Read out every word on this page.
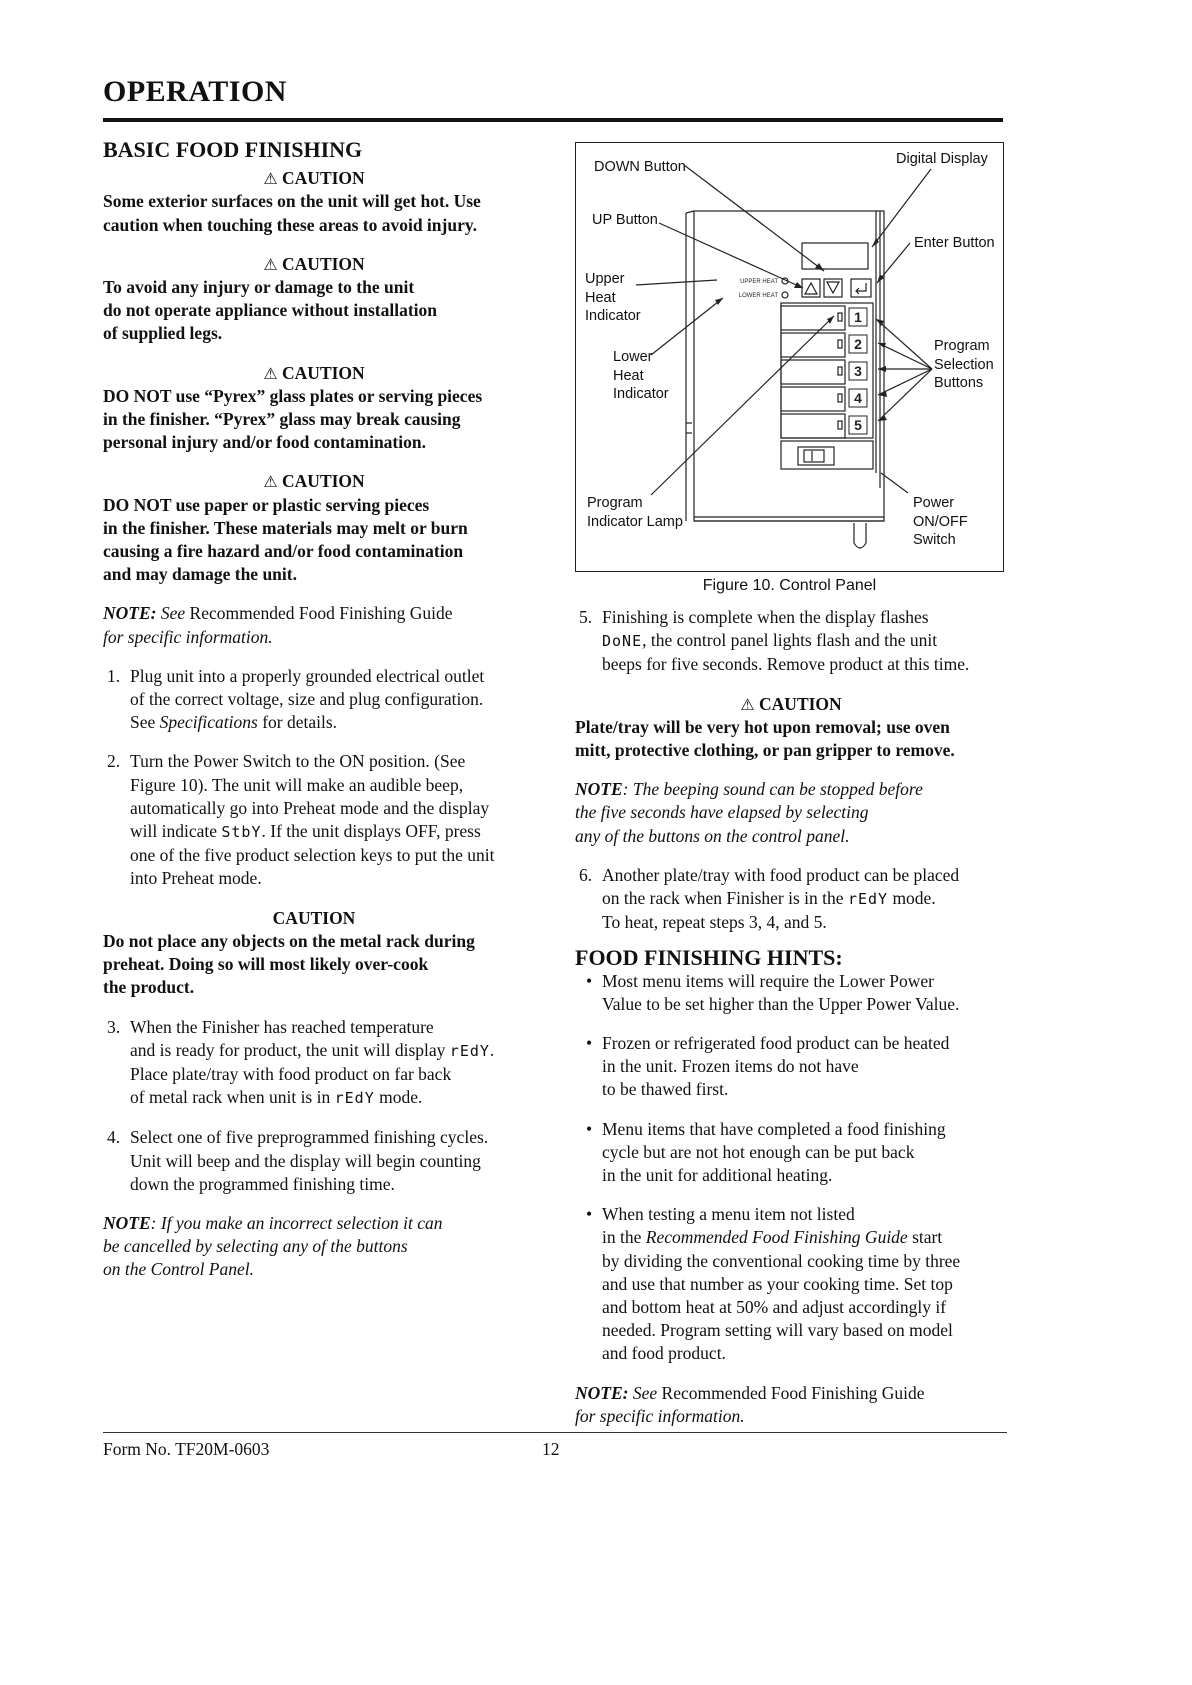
OPERATION
BASIC FOOD FINISHING
⚠ CAUTION
Some exterior surfaces on the unit will get hot. Use
caution when touching these areas to avoid injury.
⚠ CAUTION
To avoid any injury or damage to the unit
do not operate appliance without installation
of supplied legs.
⚠ CAUTION
DO NOT use “Pyrex” glass plates or serving pieces
in the finisher. “Pyrex” glass may break causing
personal injury and/or food contamination.
⚠ CAUTION
DO NOT use paper or plastic serving pieces
in the finisher. These materials may melt or burn
causing a fire hazard and/or food contamination
and may damage the unit.
NOTE: See Recommended Food Finishing Guide
for specific information.
1. Plug unit into a properly grounded electrical outlet
of the correct voltage, size and plug configuration.
See Specifications for details.
2. Turn the Power Switch to the ON position. (See
Figure 10). The unit will make an audible beep,
automatically go into Preheat mode and the display
will indicate StbY. If the unit displays OFF, press
one of the five product selection keys to put the unit
into Preheat mode.
CAUTION
Do not place any objects on the metal rack during
preheat. Doing so will most likely over-cook
the product.
3. When the Finisher has reached temperature
and is ready for product, the unit will display rEdY.
Place plate/tray with food product on far back
of metal rack when unit is in rEdY mode.
4. Select one of five preprogrammed finishing cycles.
Unit will beep and the display will begin counting
down the programmed finishing time.
NOTE: If you make an incorrect selection it can
be cancelled by selecting any of the buttons
on the Control Panel.
1
2
3
4
5
UPPER HEAT
LOWER HEAT
DOWN Button
UP Button
Upper
Heat
Indicator
Lower
Heat
Indicator
Program
Indicator Lamp
Digital Display
Enter Button
Program
Selection
Buttons
Power
ON/OFF
Switch
Figure 10. Control Panel
5. Finishing is complete when the display flashes
DoNE, the control panel lights flash and the unit
beeps for five seconds. Remove product at this time.
⚠ CAUTION
Plate/tray will be very hot upon removal; use oven
mitt, protective clothing, or pan gripper to remove.
NOTE: The beeping sound can be stopped before
the five seconds have elapsed by selecting
any of the buttons on the control panel.
6. Another plate/tray with food product can be placed
on the rack when Finisher is in the rEdY mode.
To heat, repeat steps 3, 4, and 5.
FOOD FINISHING HINTS:
• Most menu items will require the Lower Power
Value to be set higher than the Upper Power Value.
• Frozen or refrigerated food product can be heated
in the unit. Frozen items do not have
to be thawed first.
• Menu items that have completed a food finishing
cycle but are not hot enough can be put back
in the unit for additional heating.
• When testing a menu item not listed
in the Recommended Food Finishing Guide start
by dividing the conventional cooking time by three
and use that number as your cooking time. Set top
and bottom heat at 50% and adjust accordingly if
needed. Program setting will vary based on model
and food product.
NOTE: See Recommended Food Finishing Guide
for specific information.
Form No. TF20M-0603	12
